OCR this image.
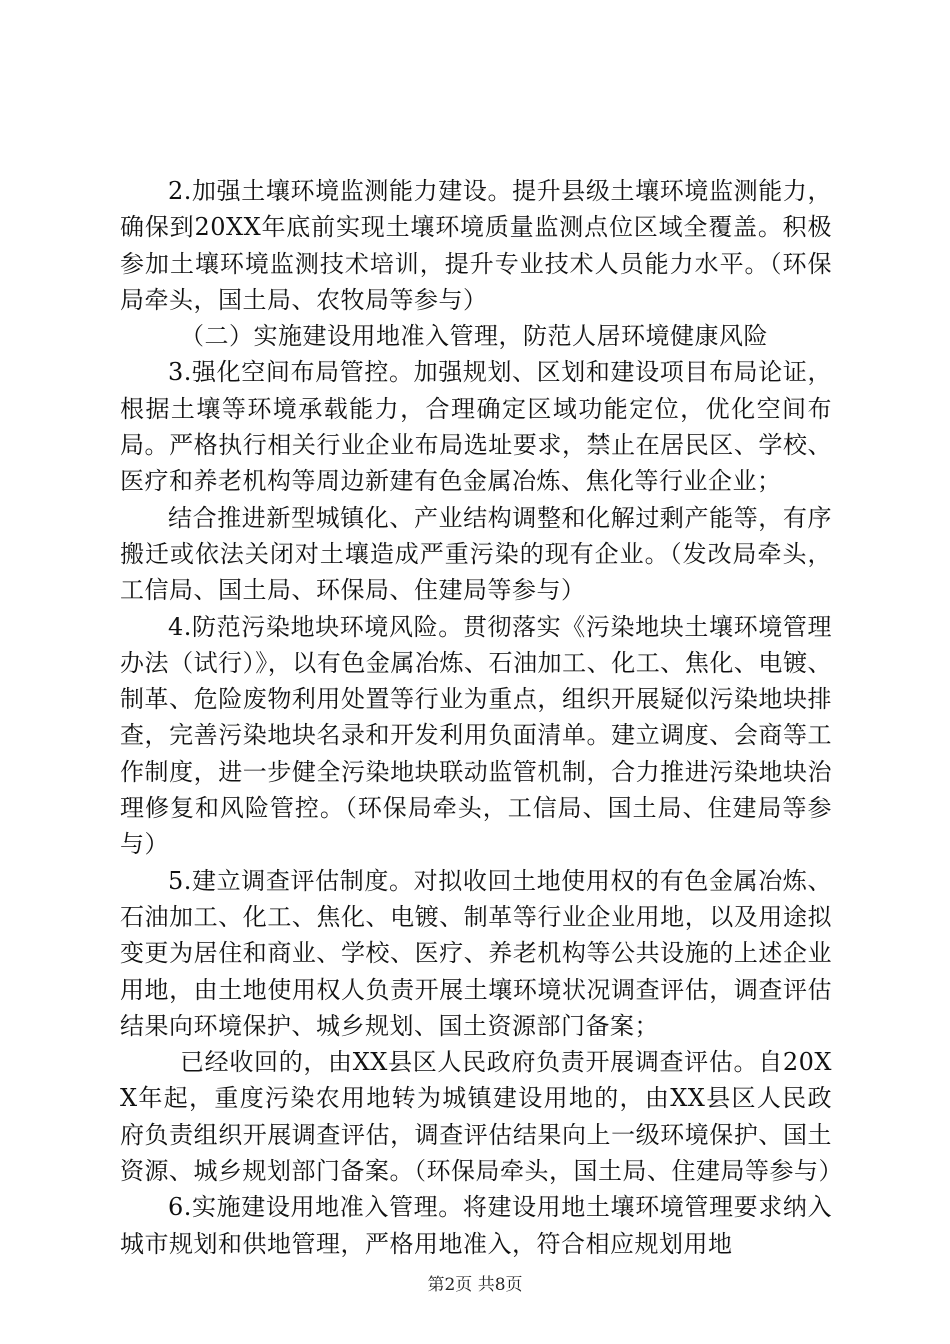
2.加强土壤环境监测能力建设。提升县级土壤环境监测能力，确保到20XX年底前实现土壤环境质量监测点位区域全覆盖。积极参加土壤环境监测技术培训，提升专业技术人员能力水平。（环保局牵头，国土局、农牧局等参与）

（二）实施建设用地准入管理，防范人居环境健康风险

3.强化空间布局管控。加强规划、区划和建设项目布局论证，根据土壤等环境承载能力，合理确定区域功能定位，优化空间布局。严格执行相关行业企业布局选址要求，禁止在居民区、学校、医疗和养老机构等周边新建有色金属冶炼、焦化等行业企业；

结合推进新型城镇化、产业结构调整和化解过剩产能等，有序搬迁或依法关闭对土壤造成严重污染的现有企业。（发改局牵头，工信局、国土局、环保局、住建局等参与）

4.防范污染地块环境风险。贯彻落实《污染地块土壤环境管理办法（试行）》，以有色金属冶炼、石油加工、化工、焦化、电镀、制革、危险废物利用处置等行业为重点，组织开展疑似污染地块排查，完善污染地块名录和开发利用负面清单。建立调度、会商等工作制度，进一步健全污染地块联动监管机制，合力推进污染地块治理修复和风险管控。（环保局牵头，工信局、国土局、住建局等参与）

5.建立调查评估制度。对拟收回土地使用权的有色金属冶炼、石油加工、化工、焦化、电镀、制革等行业企业用地，以及用途拟变更为居住和商业、学校、医疗、养老机构等公共设施的上述企业用地，由土地使用权人负责开展土壤环境状况调查评估，调查评估结果向环境保护、城乡规划、国土资源部门备案；

已经收回的，由XX县区人民政府负责开展调查评估。自20XX年起，重度污染农用地转为城镇建设用地的，由XX县区人民政府负责组织开展调查评估，调查评估结果向上一级环境保护、国土资源、城乡规划部门备案。（环保局牵头，国土局、住建局等参与）

6.实施建设用地准入管理。将建设用地土壤环境管理要求纳入城市规划和供地管理，严格用地准入，符合相应规划用地

第2页 共8页
